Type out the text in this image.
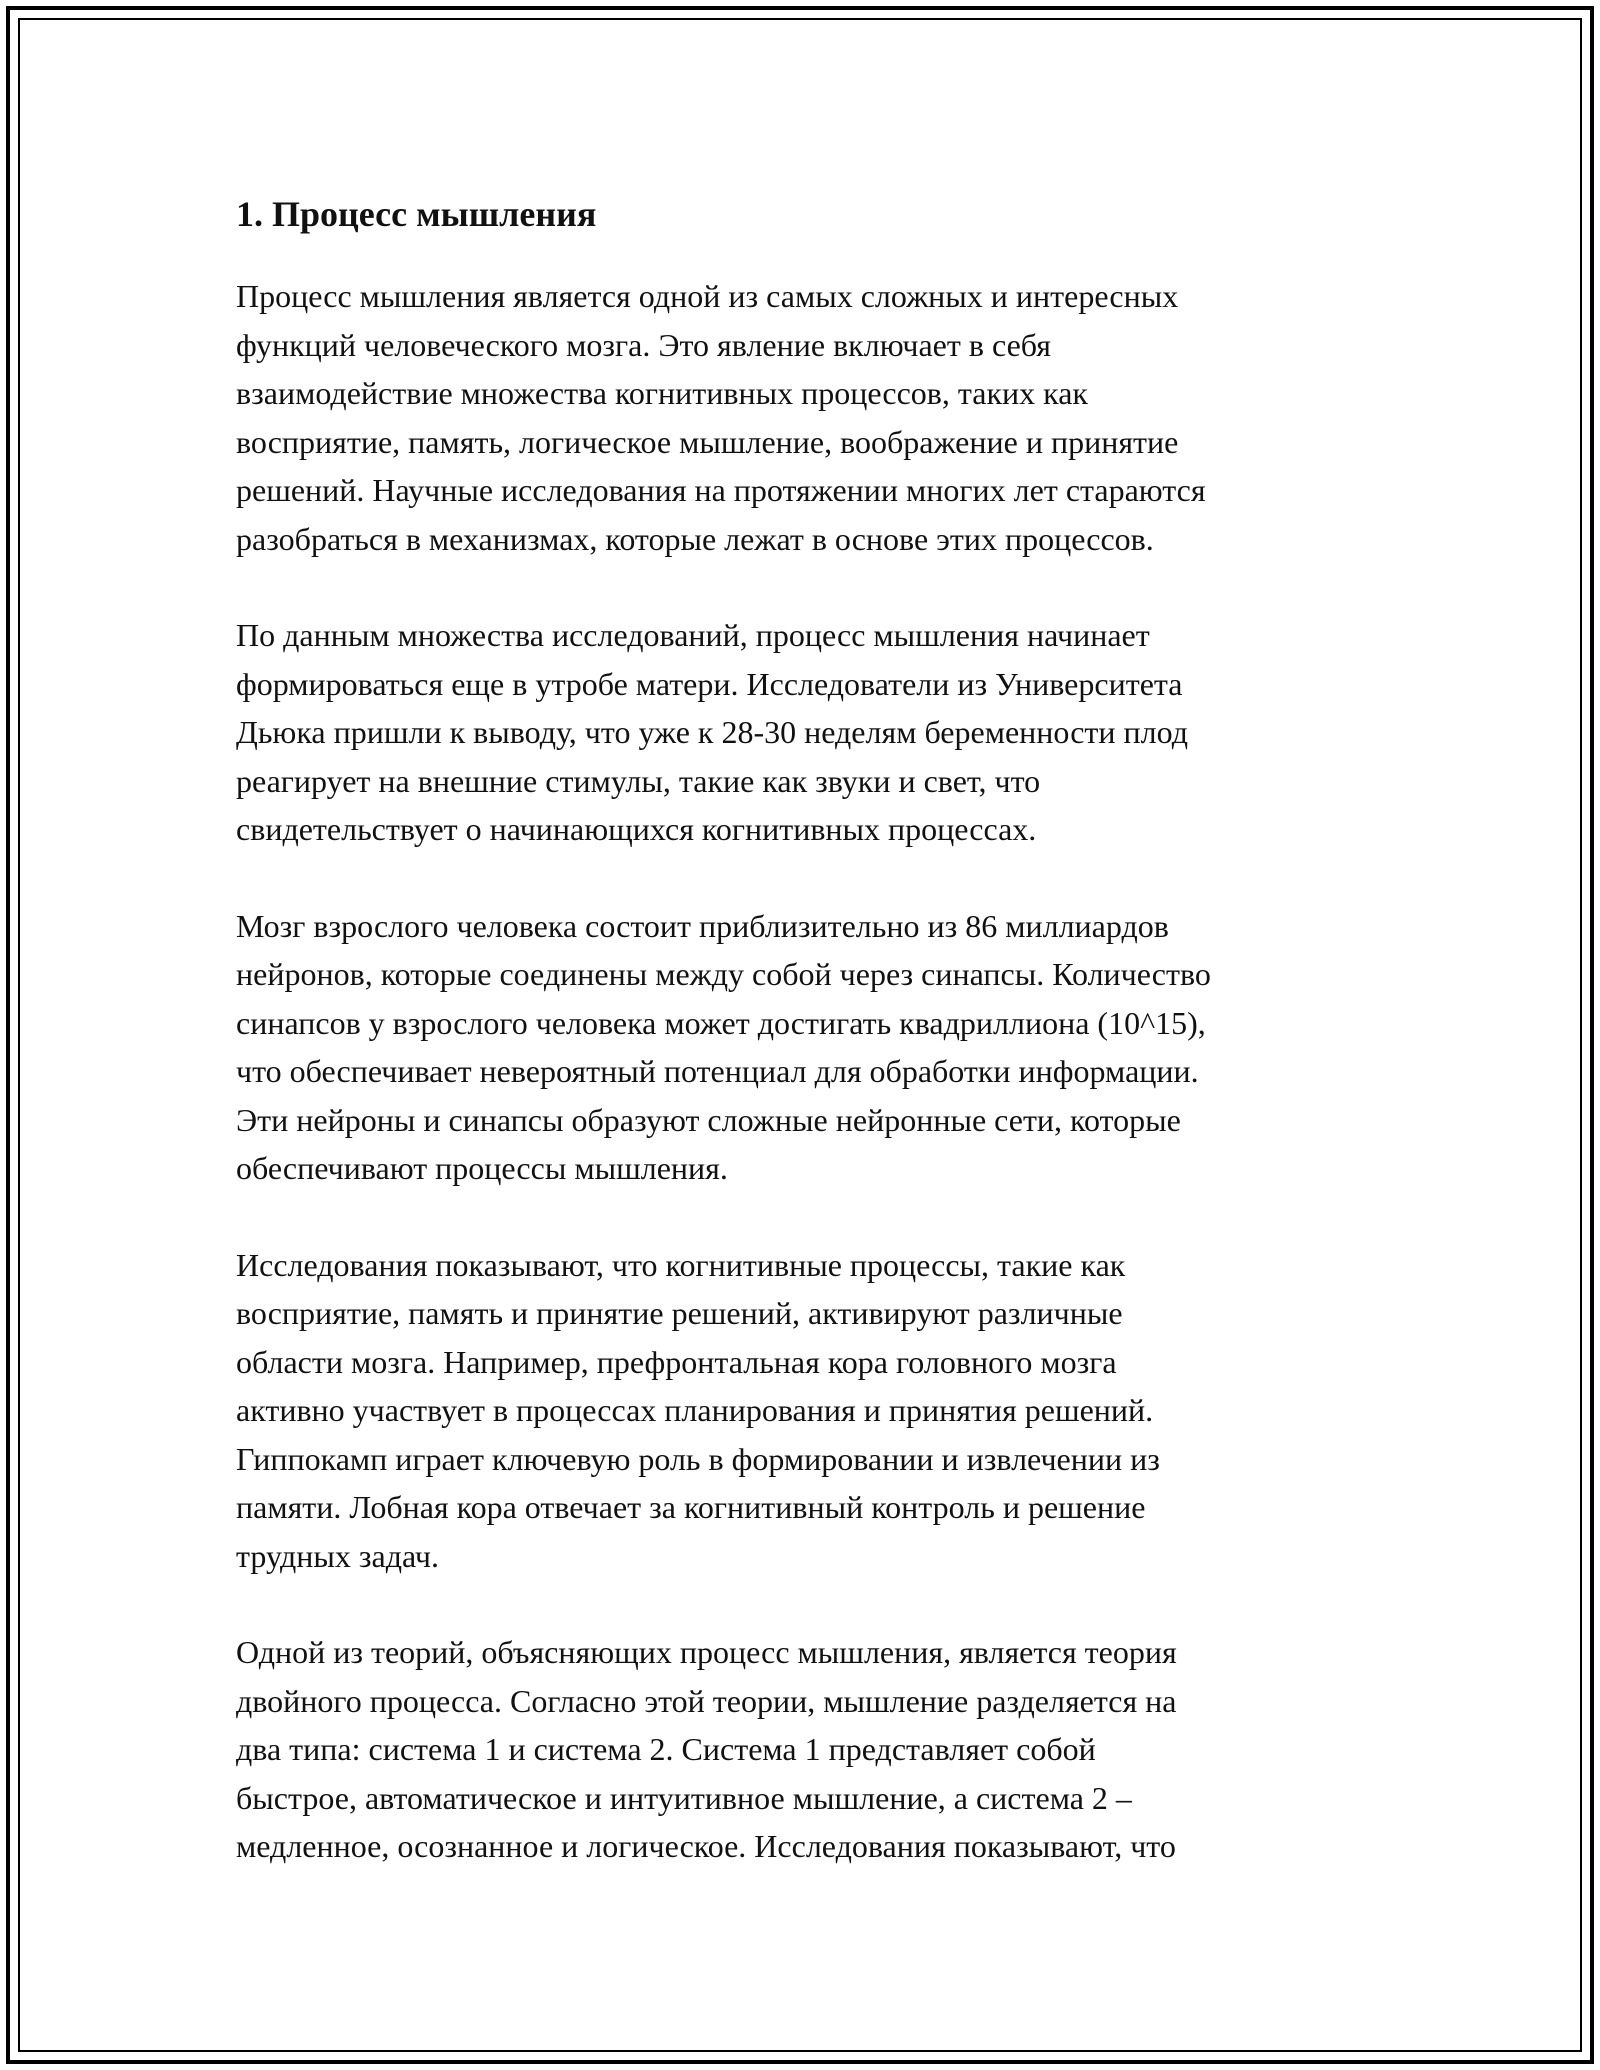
1. Процесс мышления

Процесс мышления является одной из самых сложных и интересных
функций человеческого мозга. Это явление включает в себя
взаимодействие множества когнитивных процессов, таких как
восприятие, память, логическое мышление, воображение и принятие
решений. Научные исследования на протяжении многих лет стараются
разобраться в механизмах, которые лежат в основе этих процессов.

По данным множества исследований, процесс мышления начинает
формироваться еще в утробе матери. Исследователи из Университета
Дьюка пришли к выводу, что уже к 28-30 неделям беременности плод
реагирует на внешние стимулы, такие как звуки и свет, что
свидетельствует о начинающихся когнитивных процессах.

Мозг взрослого человека состоит приблизительно из 86 миллиардов
нейронов, которые соединены между собой через синапсы. Количество
синапсов у взрослого человека может достигать квадриллиона (10^15),
что обеспечивает невероятный потенциал для обработки информации.
Эти нейроны и синапсы образуют сложные нейронные сети, которые
обеспечивают процессы мышления.

Исследования показывают, что когнитивные процессы, такие как
восприятие, память и принятие решений, активируют различные
области мозга. Например, префронтальная кора головного мозга
активно участвует в процессах планирования и принятия решений.
Гиппокамп играет ключевую роль в формировании и извлечении из
памяти. Лобная кора отвечает за когнитивный контроль и решение
трудных задач.

Одной из теорий, объясняющих процесс мышления, является теория
двойного процесса. Согласно этой теории, мышление разделяется на
два типа: система 1 и система 2. Система 1 представляет собой
быстрое, автоматическое и интуитивное мышление, а система 2 –
медленное, осознанное и логическое. Исследования показывают, что
